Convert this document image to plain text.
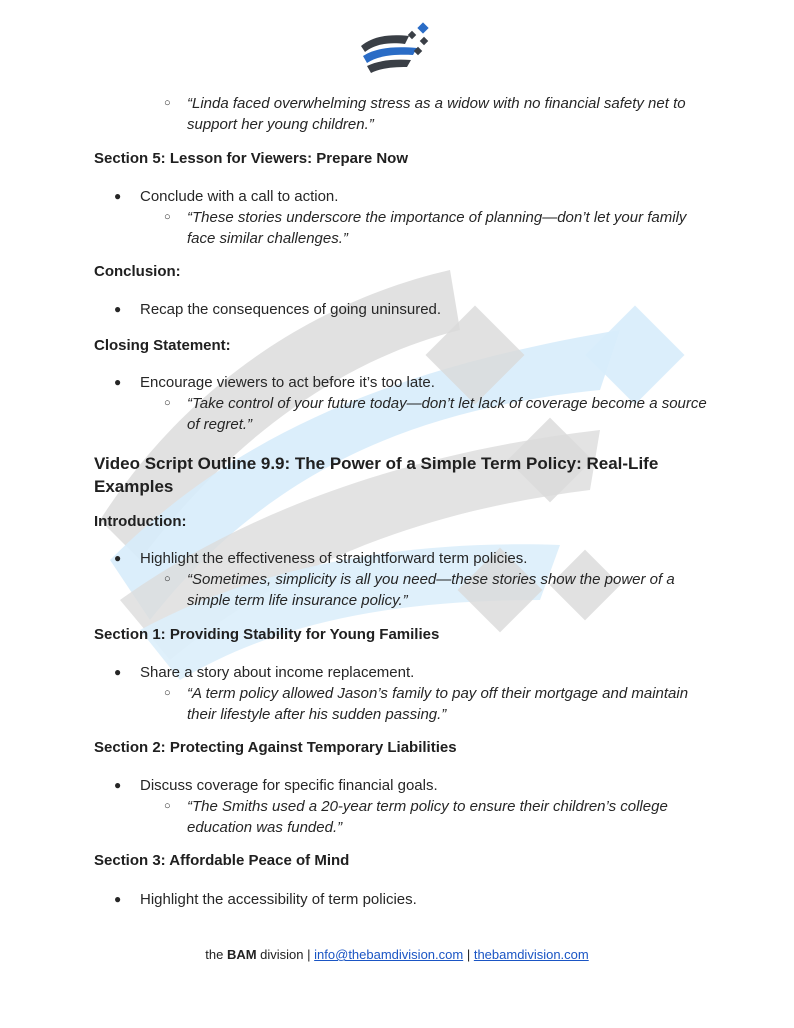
○ “Linda faced overwhelming stress as a widow with no financial safety net to support her young children.”
Section 5: Lesson for Viewers: Prepare Now
● Conclude with a call to action.
○ “These stories underscore the importance of planning—don’t let your family face similar challenges.”
Conclusion:
● Recap the consequences of going uninsured.
Closing Statement:
● Encourage viewers to act before it’s too late.
○ “Take control of your future today—don’t let lack of coverage become a source of regret.”
Video Script Outline 9.9: The Power of a Simple Term Policy: Real-Life Examples
Introduction:
● Highlight the effectiveness of straightforward term policies.
○ “Sometimes, simplicity is all you need—these stories show the power of a simple term life insurance policy.”
Section 1: Providing Stability for Young Families
● Share a story about income replacement.
○ “A term policy allowed Jason’s family to pay off their mortgage and maintain their lifestyle after his sudden passing.”
Section 2: Protecting Against Temporary Liabilities
● Discuss coverage for specific financial goals.
○ “The Smiths used a 20-year term policy to ensure their children’s college education was funded.”
Section 3: Affordable Peace of Mind
● Highlight the accessibility of term policies.
the BAM division | info@thebamdivision.com | thebamdivision.com
